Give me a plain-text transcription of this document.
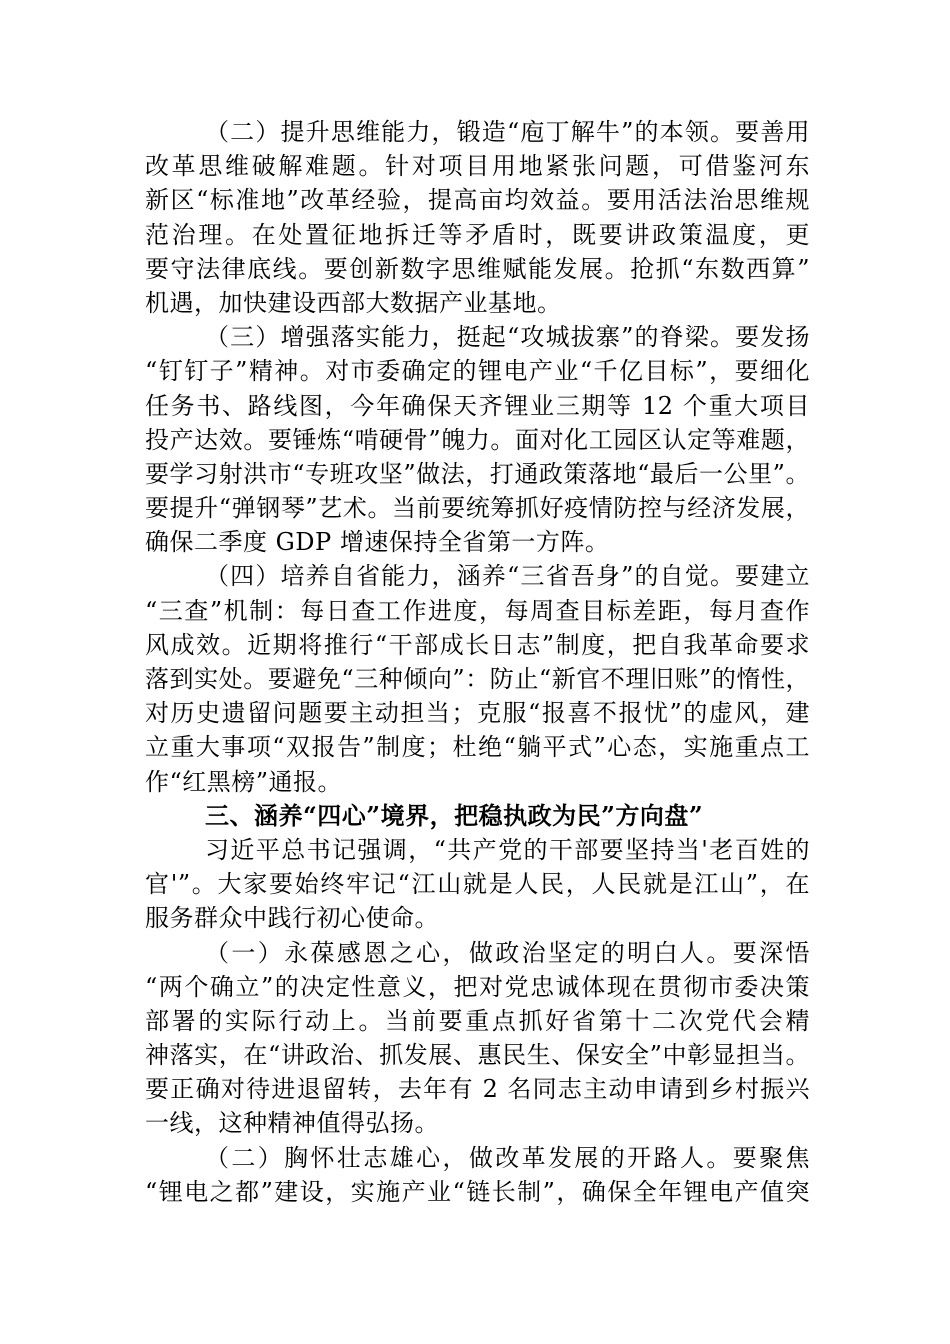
（二）提升思维能力，锻造“庖丁解牛”的本领。要善用
改革思维破解难题。针对项目用地紧张问题，可借鉴河东
新区“标准地”改革经验，提高亩均效益。要用活法治思维规
范治理。在处置征地拆迁等矛盾时，既要讲政策温度，更
要守法律底线。要创新数字思维赋能发展。抢抓“东数西算”
机遇，加快建设西部大数据产业基地。
（三）增强落实能力，挺起“攻城拔寨”的脊梁。要发扬
“钉钉子”精神。对市委确定的锂电产业“千亿目标”，要细化
任务书、路线图，今年确保天齐锂业三期等 12 个重大项目
投产达效。要锤炼“啃硬骨”魄力。面对化工园区认定等难题，
要学习射洪市“专班攻坚”做法，打通政策落地“最后一公里”。
要提升“弹钢琴”艺术。当前要统筹抓好疫情防控与经济发展，
确保二季度 GDP 增速保持全省第一方阵。
（四）培养自省能力，涵养“三省吾身”的自觉。要建立
“三查”机制：每日查工作进度，每周查目标差距，每月查作
风成效。近期将推行“干部成长日志”制度，把自我革命要求
落到实处。要避免“三种倾向”：防止“新官不理旧账”的惰性，
对历史遗留问题要主动担当；克服“报喜不报忧”的虚风，建
立重大事项“双报告”制度；杜绝“躺平式”心态，实施重点工
作“红黑榜”通报。
三、涵养“四心”境界，把稳执政为民”方向盘”
习近平总书记强调，“共产党的干部要坚持当'老百姓的
官'”。大家要始终牢记“江山就是人民，人民就是江山”，在
服务群众中践行初心使命。
（一）永葆感恩之心，做政治坚定的明白人。要深悟
“两个确立”的决定性意义，把对党忠诚体现在贯彻市委决策
部署的实际行动上。当前要重点抓好省第十二次党代会精
神落实，在“讲政治、抓发展、惠民生、保安全”中彰显担当。
要正确对待进退留转，去年有 2 名同志主动申请到乡村振兴
一线，这种精神值得弘扬。
（二）胸怀壮志雄心，做改革发展的开路人。要聚焦
“锂电之都”建设，实施产业“链长制”，确保全年锂电产值突
